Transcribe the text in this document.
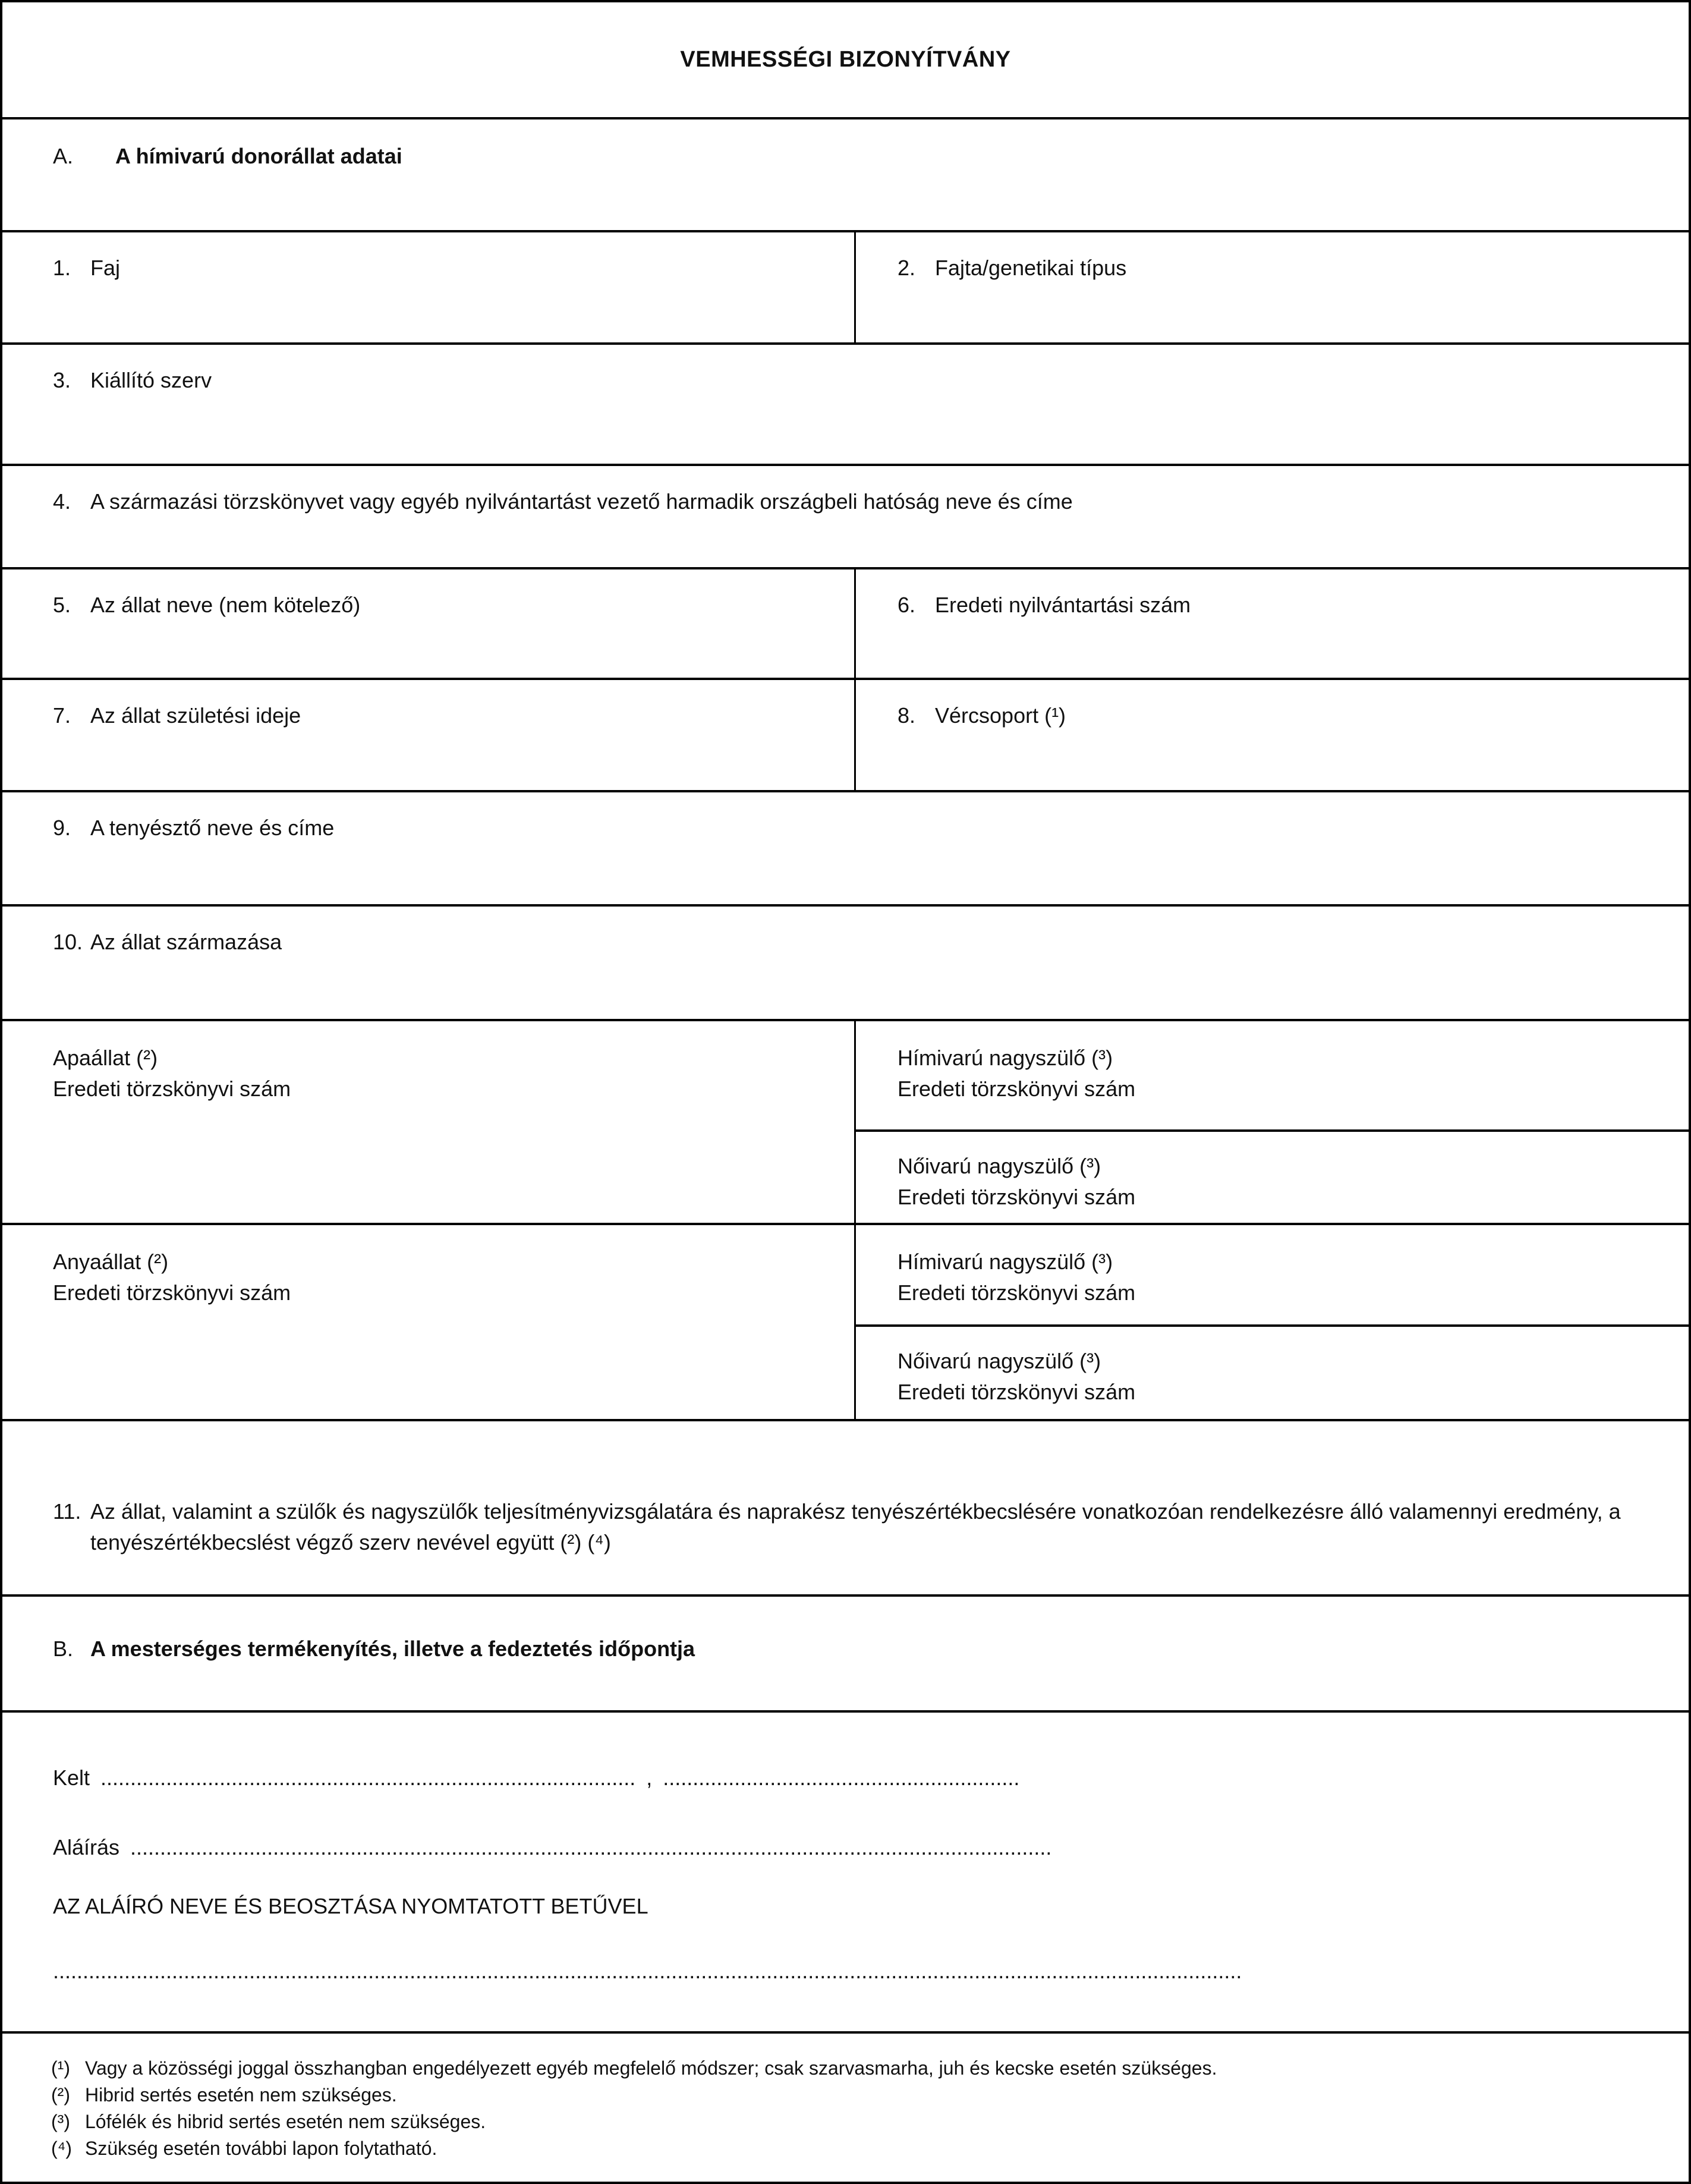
VEMHESSÉGI BIZONYÍTVÁNY
A. A hímivarú donorállat adatai
1. Faj	2. Fajta/genetikai típus
3. Kiállító szerv
4. A származási törzskönyvet vagy egyéb nyilvántartást vezető harmadik országbeli hatóság neve és címe
5. Az állat neve (nem kötelező)	6. Eredeti nyilvántartási szám
7. Az állat születési ideje	8. Vércsoport (¹)
9. A tenyésztő neve és címe
10. Az állat származása
Apaállat (²)
Eredeti törzskönyvi szám
Hímivarú nagyszülő (³)
Eredeti törzskönyvi szám
Nőivarú nagyszülő (³)
Eredeti törzskönyvi szám
Anyaállat (²)
Eredeti törzskönyvi szám
Hímivarú nagyszülő (³)
Eredeti törzskönyvi szám
Nőivarú nagyszülő (³)
Eredeti törzskönyvi szám

11. Az állat, valamint a szülők és nagyszülők teljesítményvizsgálatára és naprakész tenyészértékbecslésére vonatkozóan rendelkezésre álló valamennyi eredmény, a tenyészértékbecslést végző szerv nevével együtt (²) (⁴)

B. A mesterséges termékenyítés, illetve a fedeztetés időpontja
Kelt .......................................................................................... , ............................................................
Aláírás ...........................................................................................................................................................
AZ ALÁÍRÓ NEVE ÉS BEOSZTÁSA NYOMTATOTT BETŰVEL
........................................................................................................................................................................................................

(¹) Vagy a közösségi joggal összhangban engedélyezett egyéb megfelelő módszer; csak szarvasmarha, juh és kecske esetén szükséges.

(²) Hibrid sertés esetén nem szükséges.

(³) Lófélék és hibrid sertés esetén nem szükséges.

(⁴) Szükség esetén további lapon folytatható.
